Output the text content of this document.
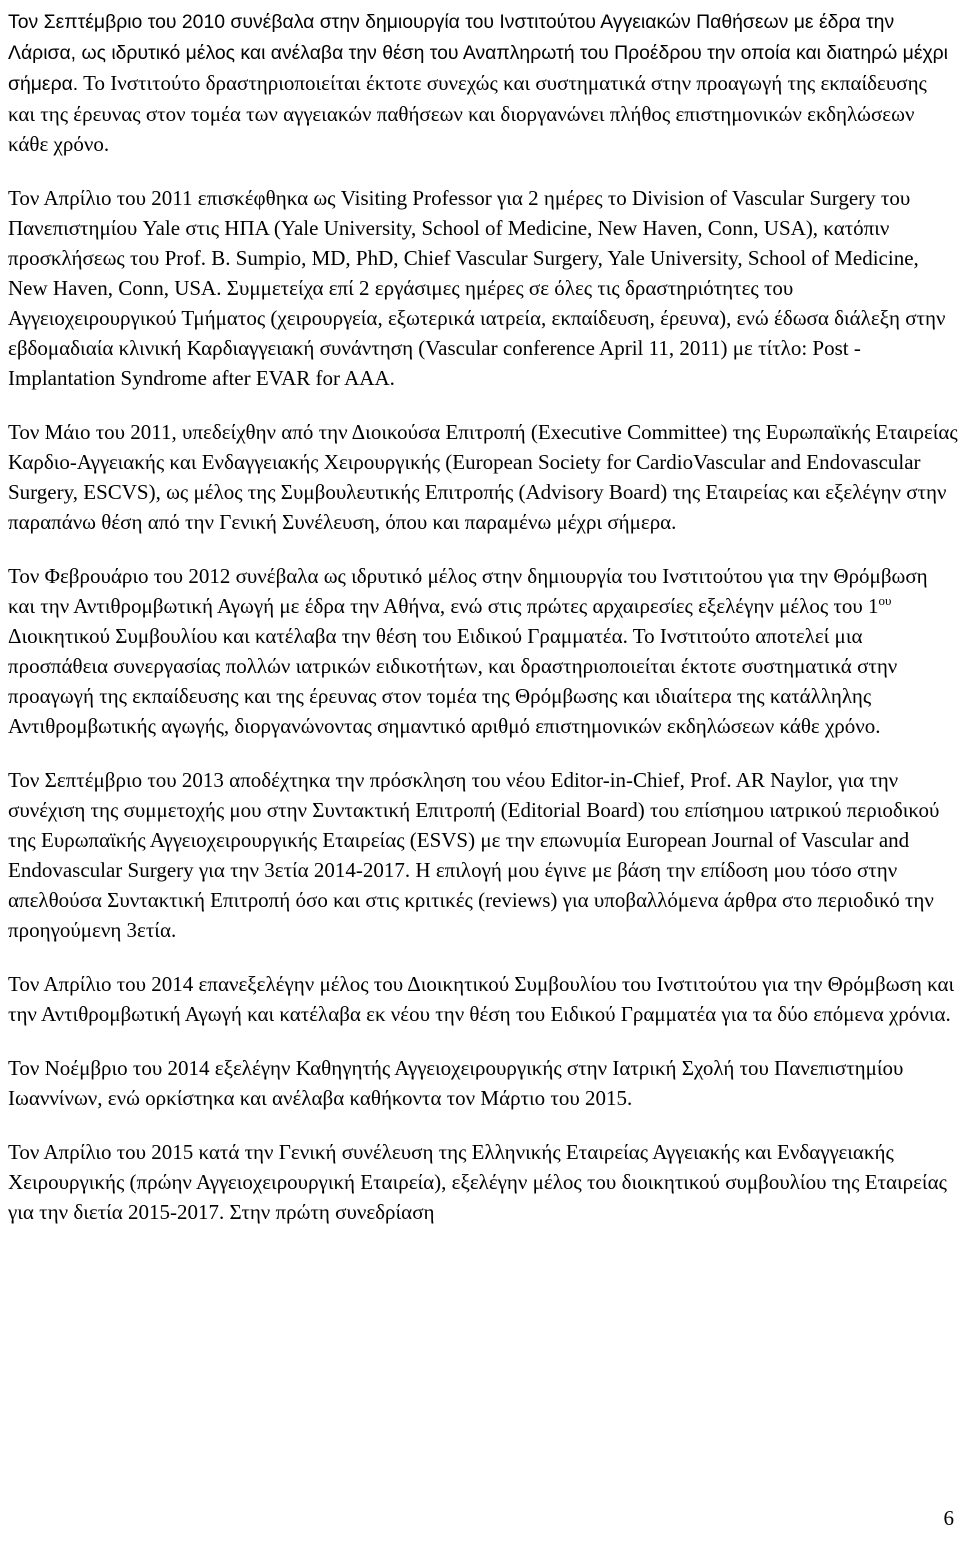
Τον Σεπτέμβριο του 2010 συνέβαλα στην δημιουργία του Ινστιτούτου Αγγειακών Παθήσεων με έδρα την Λάρισα, ως ιδρυτικό μέλος και ανέλαβα την θέση του Αναπληρωτή του Προέδρου την οποία και διατηρώ μέχρι σήμερα. Το Ινστιτούτο δραστηριοποιείται έκτοτε συνεχώς και συστηματικά στην προαγωγή της εκπαίδευσης και της έρευνας στον τομέα των αγγειακών παθήσεων και διοργανώνει πλήθος επιστημονικών εκδηλώσεων κάθε χρόνο.

Τον Απρίλιο του 2011 επισκέφθηκα ως Visiting Professor για 2 ημέρες το Division of Vascular Surgery του Πανεπιστημίου Yale στις ΗΠΑ (Yale University, School of Medicine, New Haven, Conn, USA), κατόπιν προσκλήσεως του Prof. B. Sumpio, MD, PhD, Chief Vascular Surgery, Yale University, School of Medicine, New Haven, Conn, USA. Συμμετείχα επί 2 εργάσιμες ημέρες σε όλες τις δραστηριότητες του Αγγειοχειρουργικού Τμήματος (χειρουργεία, εξωτερικά ιατρεία, εκπαίδευση, έρευνα), ενώ έδωσα διάλεξη στην εβδομαδιαία κλινική Καρδιαγγειακή συνάντηση (Vascular conference April 11, 2011) με τίτλο: Post - Implantation Syndrome after EVAR for AAA.

Τον Μάιο του 2011, υπεδείχθην από την Διοικούσα Επιτροπή (Executive Committee) της Ευρωπαϊκής Εταιρείας Καρδιο-Αγγειακής και Ενδαγγειακής Χειρουργικής (European Society for CardioVascular and Endovascular Surgery, ESCVS), ως μέλος της Συμβουλευτικής Επιτροπής (Advisory Board) της Εταιρείας και εξελέγην στην παραπάνω θέση από την Γενική Συνέλευση, όπου και παραμένω μέχρι σήμερα.

Τον Φεβρουάριο του 2012 συνέβαλα ως ιδρυτικό μέλος στην δημιουργία του Ινστιτούτου για την Θρόμβωση και την Αντιθρομβωτική Αγωγή με έδρα την Αθήνα, ενώ στις πρώτες αρχαιρεσίες εξελέγην μέλος του $1^{o\upsilon}$ Διοικητικού Συμβουλίου και κατέλαβα την θέση του Ειδικού Γραμματέα. Το Ινστιτούτο αποτελεί μια προσπάθεια συνεργασίας πολλών ιατρικών ειδικοτήτων, και δραστηριοποιείται έκτοτε συστηματικά στην προαγωγή της εκπαίδευσης και της έρευνας στον τομέα της Θρόμβωσης και ιδιαίτερα της κατάλληλης Αντιθρομβωτικής αγωγής, διοργανώνοντας σημαντικό αριθμό επιστημονικών εκδηλώσεων κάθε χρόνο.

Τον Σεπτέμβριο του 2013 αποδέχτηκα την πρόσκληση του νέου Editor-in-Chief, Prof. AR Naylor, για την συνέχιση της συμμετοχής μου στην Συντακτική Επιτροπή (Editorial Board) του επίσημου ιατρικού περιοδικού της Ευρωπαϊκής Αγγειοχειρουργικής Εταιρείας (ESVS) με την επωνυμία European Journal of Vascular and Endovascular Surgery για την 3ετία 2014-2017. Η επιλογή μου έγινε με βάση την επίδοση μου τόσο στην απελθούσα Συντακτική Επιτροπή όσο και στις κριτικές (reviews) για υποβαλλόμενα άρθρα στο περιοδικό την προηγούμενη 3ετία.

Τον Απρίλιο του 2014 επανεξελέγην μέλος του Διοικητικού Συμβουλίου του Ινστιτούτου για την Θρόμβωση και την Αντιθρομβωτική Αγωγή και κατέλαβα εκ νέου την θέση του Ειδικού Γραμματέα για τα δύο επόμενα χρόνια.

Τον Νοέμβριο του 2014 εξελέγην Καθηγητής Αγγειοχειρουργικής στην Ιατρική Σχολή του Πανεπιστημίου Ιωαννίνων, ενώ ορκίστηκα και ανέλαβα καθήκοντα τον Μάρτιο του 2015.

Τον Απρίλιο του 2015 κατά την Γενική συνέλευση της Ελληνικής Εταιρείας Αγγειακής και Ενδαγγειακής Χειρουργικής (πρώην Αγγειοχειρουργική Εταιρεία), εξελέγην μέλος του διοικητικού συμβουλίου της Εταιρείας για την διετία 2015-2017. Στην πρώτη συνεδρίαση

6
